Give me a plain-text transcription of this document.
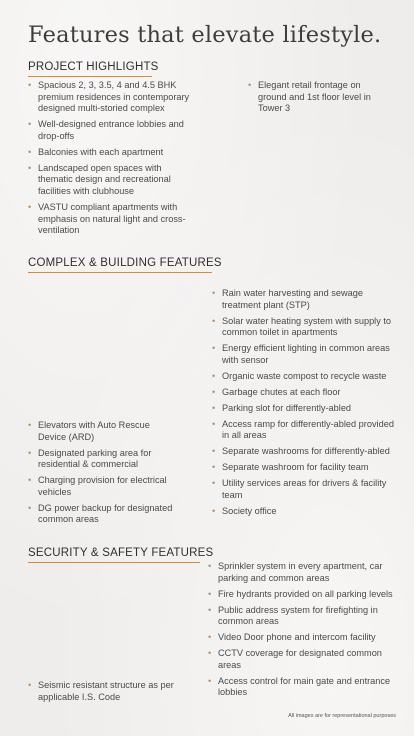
Features that elevate lifestyle.
PROJECT HIGHLIGHTS
• Spacious 2, 3, 3.5, 4 and 4.5 BHK premium residences in contemporary designed multi-storied complex
• Well-designed entrance lobbies and drop-offs
• Balconies with each apartment
• Landscaped open spaces with thematic design and recreational facilities with clubhouse
• VASTU compliant apartments with emphasis on natural light and cross-ventilation
• Elegant retail frontage on ground and 1st floor level in Tower 3
COMPLEX & BUILDING FEATURES
• Elevators with Auto Rescue Device (ARD)
• Designated parking area for residential & commercial
• Charging provision for electrical vehicles
• DG power backup for designated common areas
• Rain water harvesting and sewage treatment plant (STP)
• Solar water heating system with supply to common toilet in apartments
• Energy efficient lighting in common areas with sensor
• Organic waste compost to recycle waste
• Garbage chutes at each floor
• Parking slot for differently-abled
• Access ramp for differently-abled provided in all areas
• Separate washrooms for differently-abled
• Separate washroom for facility team
• Utility services areas for drivers & facility team
• Society office
SECURITY & SAFETY FEATURES
• Seismic resistant structure as per applicable I.S. Code
• Sprinkler system in every apartment, car parking and common areas
• Fire hydrants provided on all parking levels
• Public address system for firefighting in common areas
• Video Door phone and intercom facility
• CCTV coverage for designated common areas
• Access control for main gate and entrance lobbies
All images are for representational purposes
